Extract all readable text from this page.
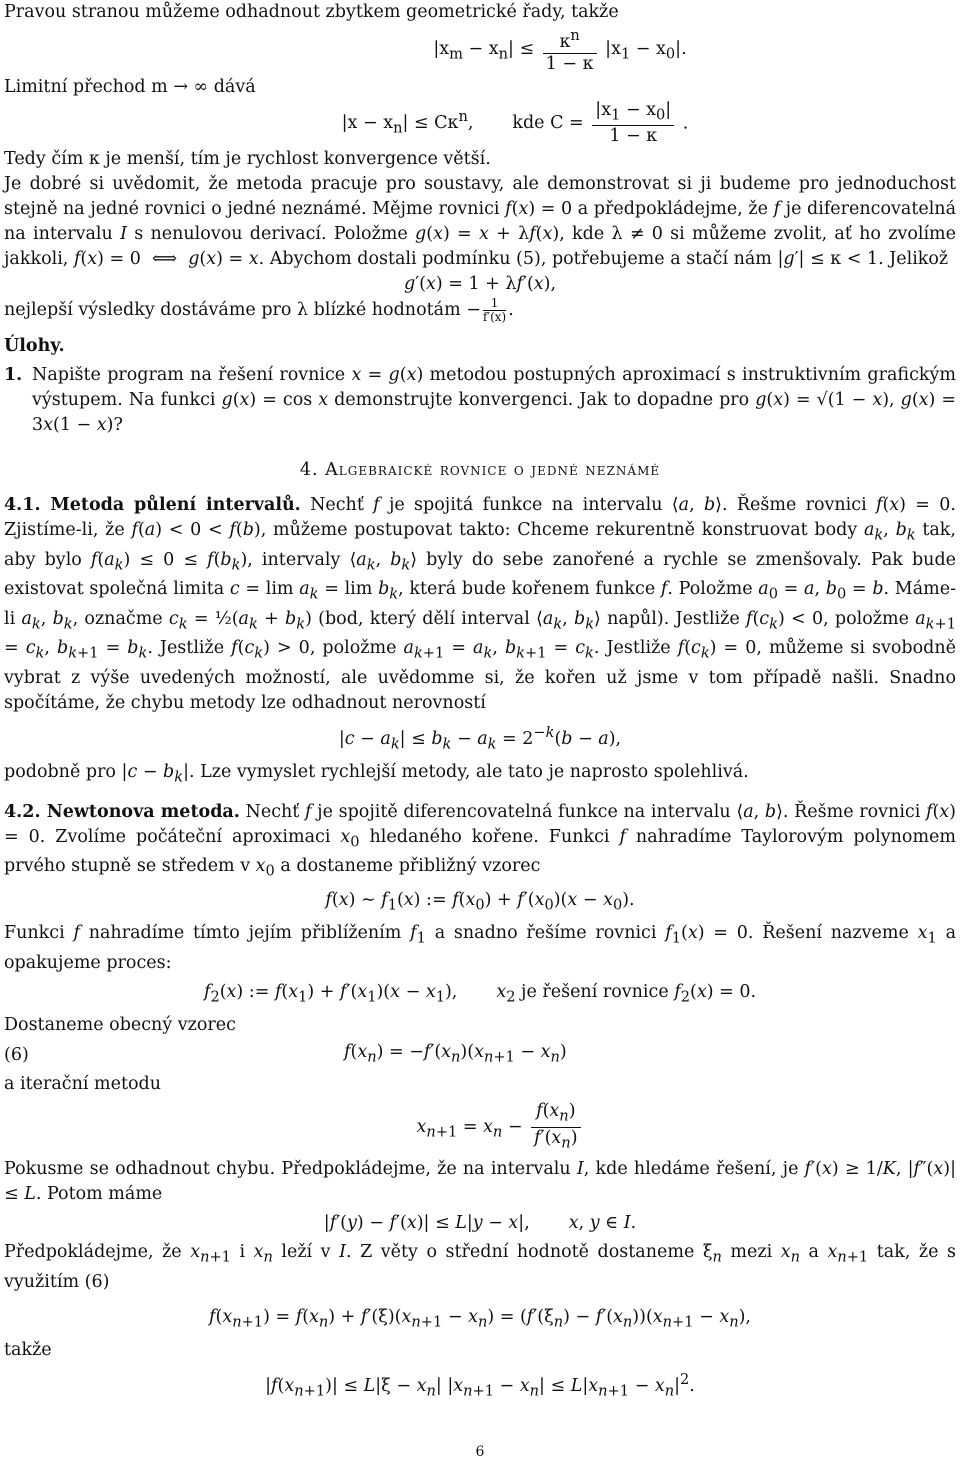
Pravou stranou můžeme odhadnout zbytkem geometrické řady, takže

$|x_m - x_n| \le \frac{\kappa^n}{1 - \kappa} |x_1 - x_0|$.

Limitní přechod m → ∞ dává

$|x - x_n| \le C\kappa^n$,       kde $C = \frac{|x_1 - x_0|}{1 - \kappa}$ .

Tedy čím κ je menší, tím je rychlost konvergence větší.

Je dobré si uvědomit, že metoda pracuje pro soustavy, ale demonstrovat si ji budeme pro jednoduchost stejně na jedné rovnici o jedné neznámé. Mějme rovnici f(x) = 0 a předpokládejme, že f je diferencovatelná na intervalu I s nenulovou derivací. Položme g(x) = x + λf(x), kde λ ≠ 0 si můžeme zvolit, ať ho zvolíme jakkoli, f(x) = 0  ⟺  g(x) = x. Abychom dostali podmínku (5), potřebujeme a stačí nám |g′| ≤ κ < 1. Jelikož

g′(x) = 1 + λf′(x),

nejlepší výsledky dostáváme pro λ blízké hodnotám − $\frac{1}{f'(x)}$ .

Úlohy.
1. Napište program na řešení rovnice x = g(x) metodou postupných aproximací s instruktivním grafickým výstupem. Na funkci g(x) = cos x demonstrujte konvergenci. Jak to dopadne pro g(x) = √(1 − x), g(x) = 3x(1 − x)?
4. Algebraické rovnice o jedné neznámé

4.1. Metoda půlení intervalů. Nechť f je spojitá funkce na intervalu ⟨a, b⟩. Řešme rovnici f(x) = 0. Zjistíme-li, že f(a) < 0 < f(b), můžeme postupovat takto: Chceme rekurentně konstruovat body $a_k$, $b_k$ tak, aby bylo $f(a_k) \le 0 \le f(b_k)$, intervaly $⟨a_k$, $b_k⟩$ byly do sebe zanořené a rychle se zmenšovaly. Pak bude existovat společná limita $c = \lim a_k = \lim b_k$, která bude kořenem funkce f. Položme $a_0 = a$, $b_0 = b$. Máme-li $a_k$, $b_k$, označme $c_k$ = $\frac{1}{2}(a_k + b_k)$ (bod, který dělí interval $⟨a_k$, $b_k⟩$ napůl). Jestliže $f(c_k) < 0$, položme $a_{k+1} = c_k$, $b_{k+1} = b_k$. Jestliže $f(c_k) > 0$, položme $a_{k+1} = a_k$, $b_{k+1} = c_k$. Jestliže $f(c_k) = 0$, můžeme si svobodně vybrat z výše uvedených možností, ale uvědomme si, že kořen už jsme v tom případě našli. Snadno spočítáme, že chybu metody lze odhadnout nerovností

$|c - a_k| \le b_k - a_k = 2^{-k}(b - a)$,

podobně pro $|c - b_k|$. Lze vymyslet rychlejší metody, ale tato je naprosto spolehlivá.

4.2. Newtonova metoda. Nechť f je spojitě diferencovatelná funkce na intervalu ⟨a, b⟩. Řešme rovnici f(x) = 0. Zvolíme počáteční aproximaci $x_0$ hledaného kořene. Funkci f nahradíme Taylorovým polynomem prvého stupně se středem v $x_0$ a dostaneme přibližný vzorec

f(x) ∼ $f_1(x)$ := $f(x_0) + f'(x_0)(x - x_0)$.

Funkci f nahradíme tímto jejím přiblížením $f_1$ a snadno řešíme rovnici $f_1(x) = 0$. Řešení nazveme $x_1$ a opakujeme proces:

$f_2(x)$ := $f(x_1) + f'(x_1)(x - x_1)$,       $x_2$ je řešení rovnice $f_2(x) = 0$.

Dostaneme obecný vzorec

(6)	$f(x_n) = -f'(x_n)(x_{n+1} - x_n)$

a iterační metodu

$x_{n+1} = x_n - \frac{f(x_n)}{f'(x_n)}$

Pokusme se odhadnout chybu. Předpokládejme, že na intervalu I, kde hledáme řešení, je f′(x) ≥ 1/K, |f″(x)| ≤ L. Potom máme

|f′(y) − f′(x)| ≤ L|y − x|,       x, y ∈ I.

Předpokládejme, že $x_{n+1}$ i $x_n$ leží v I. Z věty o střední hodnotě dostaneme $\xi_n$ mezi $x_n$ a $x_{n+1}$ tak, že s využitím (6)

$f(x_{n+1}) = f(x_n) + f'(\xi)(x_{n+1} - x_n) = (f'(\xi_n) - f'(x_n))(x_{n+1} - x_n)$,

takže

$|f(x_{n+1})| \le L|\xi - x_n|$ $|x_{n+1} - x_n| \le L|x_{n+1} - x_n|^2$.
6
